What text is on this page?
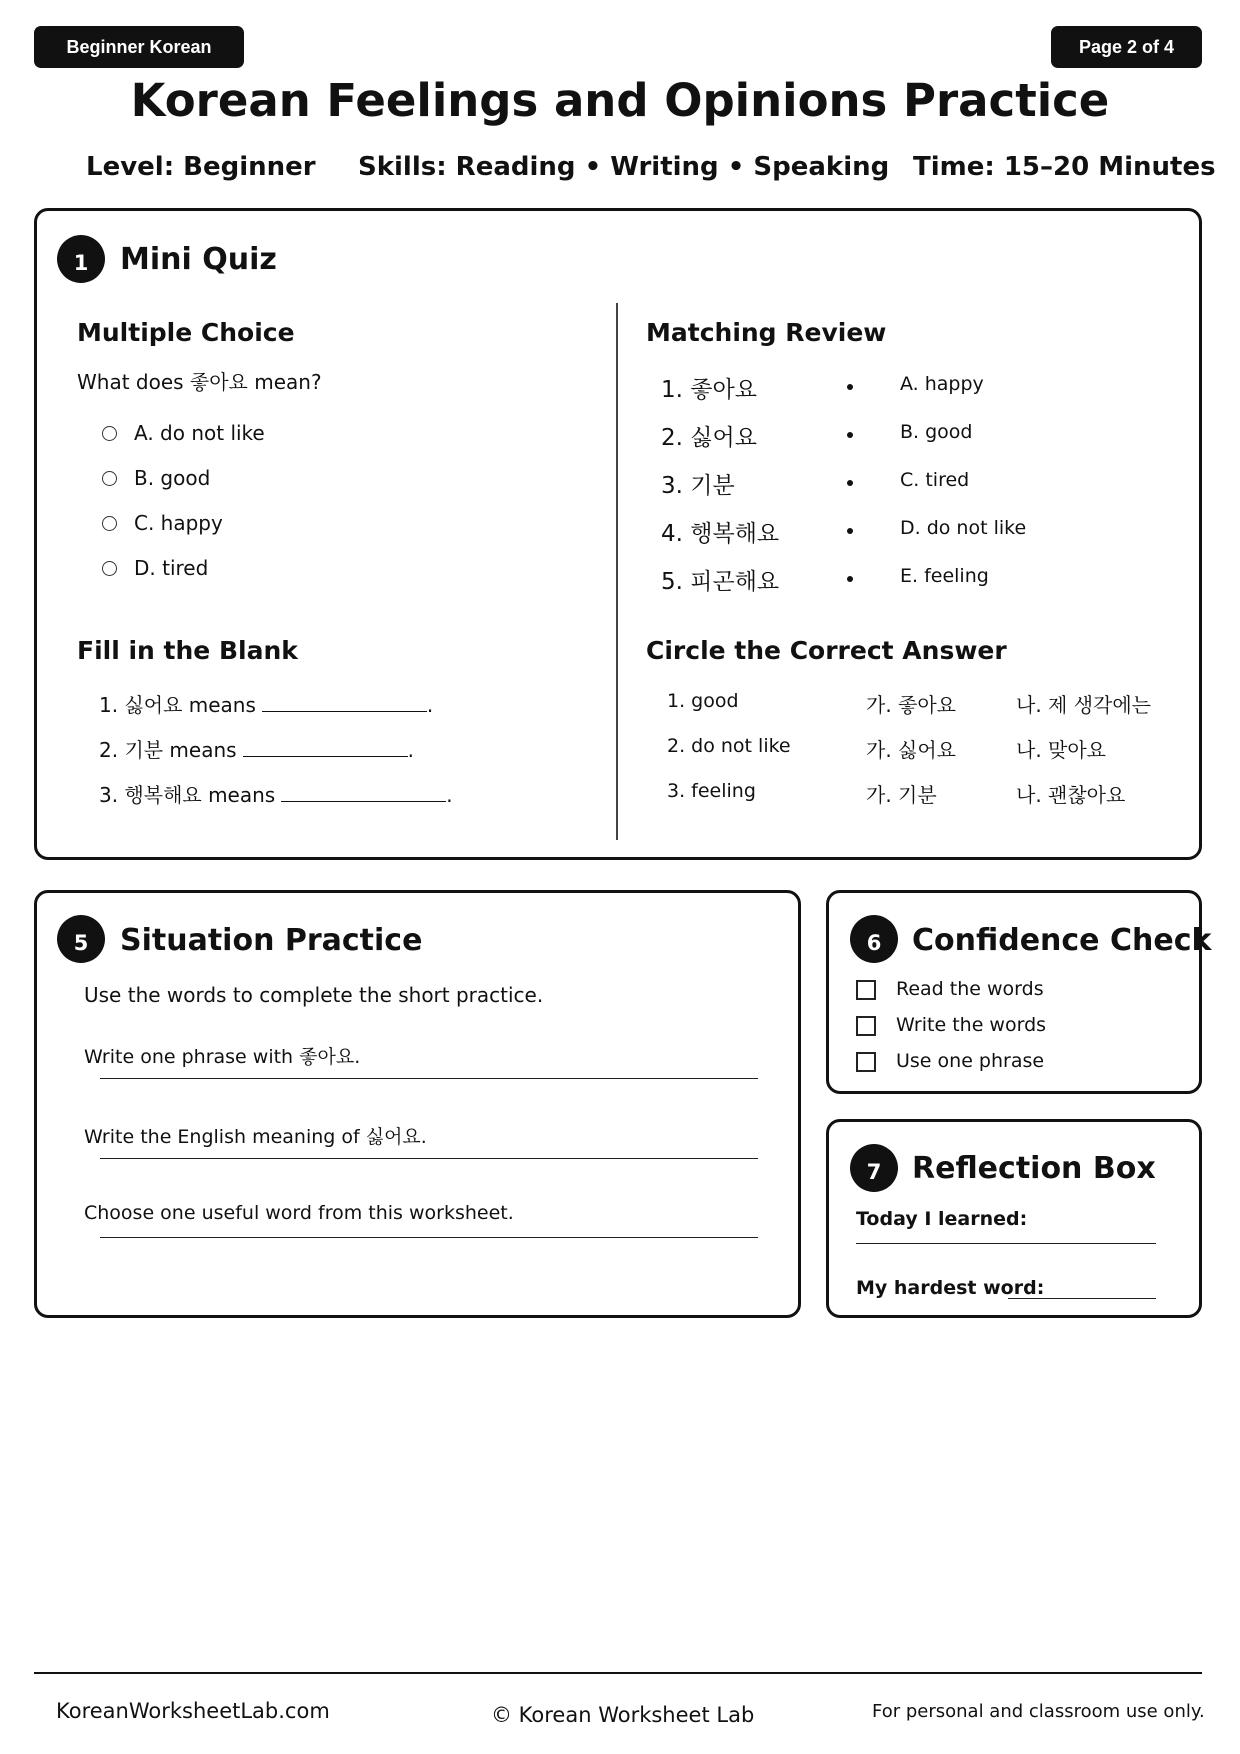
Beginner Korean	Page 2 of 4
Korean Feelings and Opinions Practice
Level: Beginner Skills: Reading • Writing • Speaking Time: 15–20 Minutes
1	Mini Quiz
Multiple Choice
What does 좋아요 mean?
A. do not like
B. good
C. happy
D. tired
Fill in the Blank
1. 싫어요 means	.
2. 기분 means	.
3. 행복해요 means	.
Matching Review
1. 좋아요	A. happy
2. 싫어요	B. good
3. 기분	C. tired
4. 행복해요	D. do not like
5. 피곤해요	E. feeling
Circle the Correct Answer
1. good	가. 좋아요	나. 제 생각에는
2. do not like	가. 싫어요	나. 맞아요
3. feeling	가. 기분	나. 괜찮아요
5	Situation Practice
Use the words to complete the short practice.
Write one phrase with 좋아요.
Write the English meaning of 싫어요.
Choose one useful word from this worksheet.
6	Confidence Check
Read the words
Write the words
Use one phrase
7	Reflection Box
Today I learned:
My hardest word:
KoreanWorksheetLab.com	© Korean Worksheet Lab	For personal and classroom use only.
